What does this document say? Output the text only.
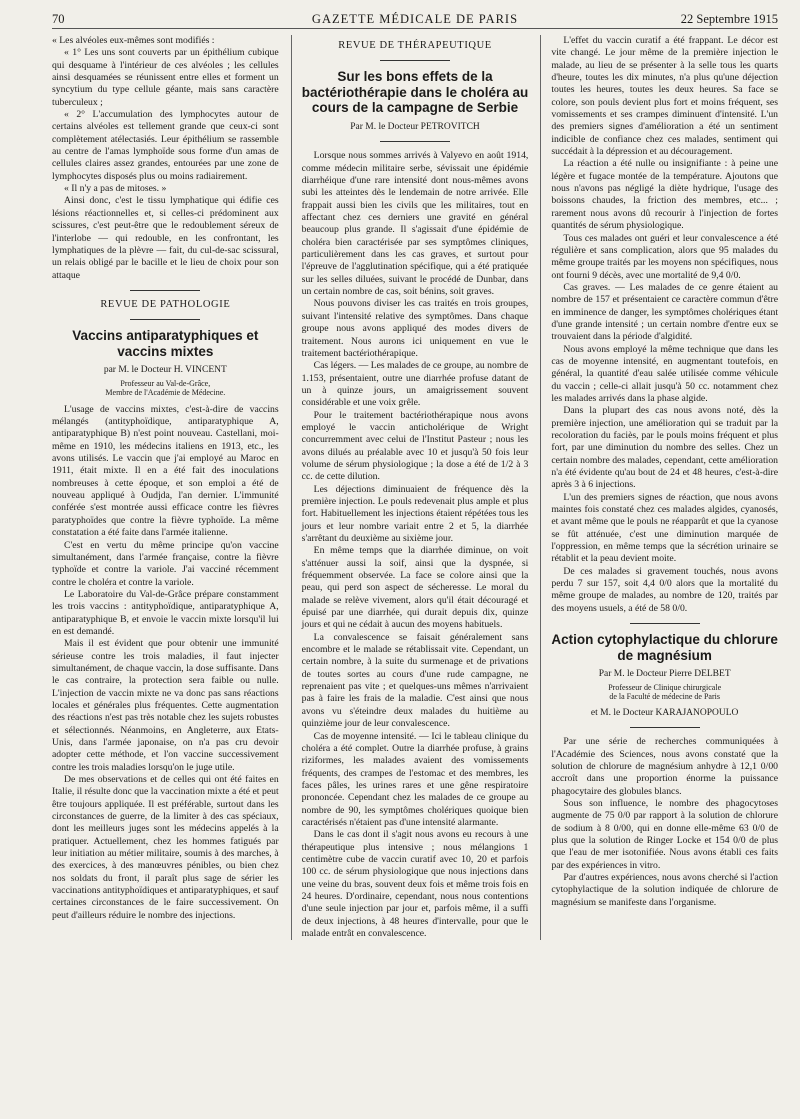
70	GAZETTE MÉDICALE DE PARIS	22 Septembre 1915

« Les alvéoles eux-mêmes sont modifiés :

« 1° Les uns sont couverts par un épithélium cubique qui desquame à l'intérieur de ces alvéoles ; les cellules ainsi desquamées se réunissent entre elles et forment un syncytium du type cellule géante, mais sans caractère tuberculeux ;

« 2° L'accumulation des lymphocytes autour de certains alvéoles est tellement grande que ceux-ci sont complètement atélectasiés. Leur épithélium se rassemble au centre de l'amas lymphoïde sous forme d'un amas de cellules claires assez grandes, entourées par une zone de lymphocytes disposés plus ou moins radiairement.

« Il n'y a pas de mitoses. »

Ainsi donc, c'est le tissu lymphatique qui édifie ces lésions réactionnelles et, si celles-ci prédominent aux scissures, c'est peut-être que le redoublement séreux de l'interlobe — qui redouble, en les confrontant, les lymphatiques de la plèvre — fait, du cul-de-sac scissural, un relais obligé par le bacille et le lieu de choix pour son attaque

REVUE DE PATHOLOGIE
Vaccins antiparatyphiques et vaccins mixtes
par M. le Docteur H. VINCENT
Professeur au Val-de-Grâce,
Membre de l'Académie de Médecine.

L'usage de vaccins mixtes, c'est-à-dire de vaccins mélangés (antityphoïdique, antiparatyphique A, antiparatyphique B) n'est point nouveau. Castellani, moi-même en 1910, les médecins italiens en 1913, etc., les avons utilisés. Le vaccin que j'ai employé au Maroc en 1911, était mixte. Il en a été fait des inoculations nombreuses à cette époque, et son emploi a été de nouveau appliqué à Oudjda, l'an dernier. L'immunité conférée s'est montrée aussi efficace contre les fièvres paratyphoïdes que contre la fièvre typhoïde. La même constatation a été faite dans l'armée italienne.

C'est en vertu du même principe qu'on vaccine simultanément, dans l'armée française, contre la fièvre typhoïde et contre la variole. J'ai vacciné récemment contre le choléra et contre la variole.

Le Laboratoire du Val-de-Grâce prépare constamment les trois vaccins : antityphoïdique, antiparatyphique A, antiparatyphique B, et envoie le vaccin mixte lorsqu'il lui en est demandé.

Mais il est évident que pour obtenir une immunité sérieuse contre les trois maladies, il faut injecter simultanément, de chaque vaccin, la dose suffisante. Dans le cas contraire, la protection sera faible ou nulle. L'injection de vaccin mixte ne va donc pas sans réactions locales et générales plus fréquentes. Cette augmentation des réactions n'est pas très notable chez les sujets robustes et sélectionnés. Néanmoins, en Angleterre, aux Etats-Unis, dans l'armée japonaise, on n'a pas cru devoir adopter cette méthode, et l'on vaccine successivement contre les trois maladies lorsqu'on le juge utile.

De mes observations et de celles qui ont été faites en Italie, il résulte donc que la vaccination mixte a été et peut être toujours appliquée. Il est préférable, surtout dans les circonstances de guerre, de la limiter à des cas spéciaux, dont les meilleurs juges sont les médecins appelés à la pratiquer. Actuellement, chez les hommes fatigués par leur initiation au métier militaire, soumis à des marches, à des exercices, à des manœuvres pénibles, ou bien chez nos soldats du front, il paraît plus sage de sérier les vaccinations antityphoïdiques et antiparatyphiques, et sauf certaines circonstances de le faire successivement. On peut d'ailleurs réduire le nombre des injections.

REVUE DE THÉRAPEUTIQUE
Sur les bons effets de la bactériothérapie dans le choléra au cours de la campagne de Serbie
Par M. le Docteur PETROVITCH

Lorsque nous sommes arrivés à Valyevo en août 1914, comme médecin militaire serbe, sévissait une épidémie diarrhéique d'une rare intensité dont nous-mêmes avons subi les atteintes dès le lendemain de notre arrivée. Elle frappait aussi bien les civils que les militaires, tout en affectant chez ces derniers une gravité en général beaucoup plus grande. Il s'agissait d'une épidémie de choléra bien caractérisée par ses symptômes cliniques, particulièrement dans les cas graves, et surtout pour l'épreuve de l'agglutination spécifique, qui a été pratiquée sur les selles diluées, suivant le procédé de Dunbar, dans un certain nombre de cas, soit bénins, soit graves.

Nous pouvons diviser les cas traités en trois groupes, suivant l'intensité relative des symptômes. Dans chaque groupe nous avons appliqué des modes divers de traitement. Nous aurons ici uniquement en vue le traitement bactériothérapique.

Cas légers. — Les malades de ce groupe, au nombre de 1.153, présentaient, outre une diarrhée profuse datant de un à quinze jours, un amaigrissement souvent considérable et une voix grêle.

Pour le traitement bactériothérapique nous avons employé le vaccin anticholérique de Wright concurremment avec celui de l'Institut Pasteur ; nous les avons dilués au préalable avec 10 et jusqu'à 50 fois leur volume de sérum physiologique ; la dose a été de 1/2 à 3 cc. de cette dilution.

Les déjections diminuaient de fréquence dès la première injection. Le pouls redevenait plus ample et plus fort. Habituellement les injections étaient répétées tous les jours et leur nombre variait entre 2 et 5, la diarrhée s'arrêtant du deuxième au sixième jour.

En même temps que la diarrhée diminue, on voit s'atténuer aussi la soif, ainsi que la dyspnée, si fréquemment observée. La face se colore ainsi que la peau, qui perd son aspect de sécheresse. Le moral du malade se relève vivement, alors qu'il était découragé et épuisé par une diarrhée, qui durait depuis dix, quinze jours et qui ne cédait à aucun des moyens habituels.

La convalescence se faisait généralement sans encombre et le malade se rétablissait vite. Cependant, un certain nombre, à la suite du surmenage et de privations de toutes sortes au cours d'une rude campagne, ne reprenaient pas vite ; et quelques-uns mêmes n'arrivaient pas à faire les frais de la maladie. C'est ainsi que nous avons vu s'éteindre deux malades du huitième au quinzième jour de leur convalescence.

Cas de moyenne intensité. — Ici le tableau clinique du choléra a été complet. Outre la diarrhée profuse, à grains riziformes, les malades avaient des vomissements fréquents, des crampes de l'estomac et des membres, les faces pâles, les urines rares et une gêne respiratoire prononcée. Cependant chez les malades de ce groupe au nombre de 90, les symptômes cholériques quoique bien caractérisés n'étaient pas d'une intensité alarmante.

Dans le cas dont il s'agit nous avons eu recours à une thérapeutique plus intensive ; nous mélangions 1 centimètre cube de vaccin curatif avec 10, 20 et parfois 100 cc. de sérum physiologique que nous injections dans une veine du bras, souvent deux fois et même trois fois en 24 heures. D'ordinaire, cependant, nous nous contentions d'une seule injection par jour et, parfois même, il a suffi de deux injections, à 48 heures d'intervalle, pour que le malade entrât en convalescence.

L'effet du vaccin curatif a été frappant. Le décor est vite changé. Le jour même de la première injection le malade, au lieu de se présenter à la selle tous les quarts d'heure, toutes les dix minutes, n'a plus qu'une déjection toutes les heures, toutes les deux heures. Sa face se colore, son pouls devient plus fort et moins fréquent, ses vomissements et ses crampes diminuent d'intensité. L'un des premiers signes d'amélioration a été un sentiment indicible de confiance chez ces malades, sentiment qui succédait à la dépression et au découragement.

La réaction a été nulle ou insignifiante : à peine une légère et fugace montée de la température. Ajoutons que nous n'avons pas négligé la diète hydrique, l'usage des boissons chaudes, la friction des membres, etc... ; rarement nous avons dû recourir à l'injection de fortes quantités de sérum physiologique.

Tous ces malades ont guéri et leur convalescence a été régulière et sans complication, alors que 95 malades du même groupe traités par les moyens non spécifiques, nous ont fourni 9 décès, avec une mortalité de 9,4 0/0.

Cas graves. — Les malades de ce genre étaient au nombre de 157 et présentaient ce caractère commun d'être en imminence de danger, les symptômes cholériques étant d'une grande intensité ; un certain nombre d'entre eux se trouvaient dans la période d'algidité.

Nous avons employé la même technique que dans les cas de moyenne intensité, en augmentant toutefois, en général, la quantité d'eau salée utilisée comme véhicule du vaccin ; celle-ci allait jusqu'à 50 cc. notamment chez les malades arrivés dans la phase algide.

Dans la plupart des cas nous avons noté, dès la première injection, une amélioration qui se traduit par la recoloration du faciès, par le pouls moins fréquent et plus fort, par une diminution du nombre des selles. Chez un certain nombre des malades, cependant, cette amélioration n'a été évidente qu'au bout de 24 et 48 heures, c'est-à-dire après 3 à 6 injections.

L'un des premiers signes de réaction, que nous avons maintes fois constaté chez ces malades algides, cyanosés, et avant même que le pouls ne réapparût et que la cyanose se fût atténuée, c'est une diminution marquée de l'oppression, en même temps que la sécrétion urinaire se rétablit et la peau devient moite.

De ces malades si gravement touchés, nous avons perdu 7 sur 157, soit 4,4 0/0 alors que la mortalité du même groupe de malades, au nombre de 120, traités par des moyens usuels, a été de 58 0/0.

Action cytophylactique du chlorure de magnésium
Par M. le Docteur Pierre DELBET
Professeur de Clinique chirurgicale
de la Faculté de médecine de Paris
et M. le Docteur KARAJANOPOULO

Par une série de recherches communiquées à l'Académie des Sciences, nous avons constaté que la solution de chlorure de magnésium anhydre à 12,1 0/00 accroît dans une proportion énorme la puissance phagocytaire des globules blancs.

Sous son influence, le nombre des phagocytoses augmente de 75 0/0 par rapport à la solution de chlorure de sodium à 8 0/00, qui en donne elle-même 63 0/0 de plus que la solution de Ringer Locke et 154 0/0 de plus que l'eau de mer isotonifiée. Nous avons établi ces faits par des expériences in vitro.

Par d'autres expériences, nous avons cherché si l'action cytophylactique de la solution indiquée de chlorure de magnésium se manifeste dans l'organisme.
